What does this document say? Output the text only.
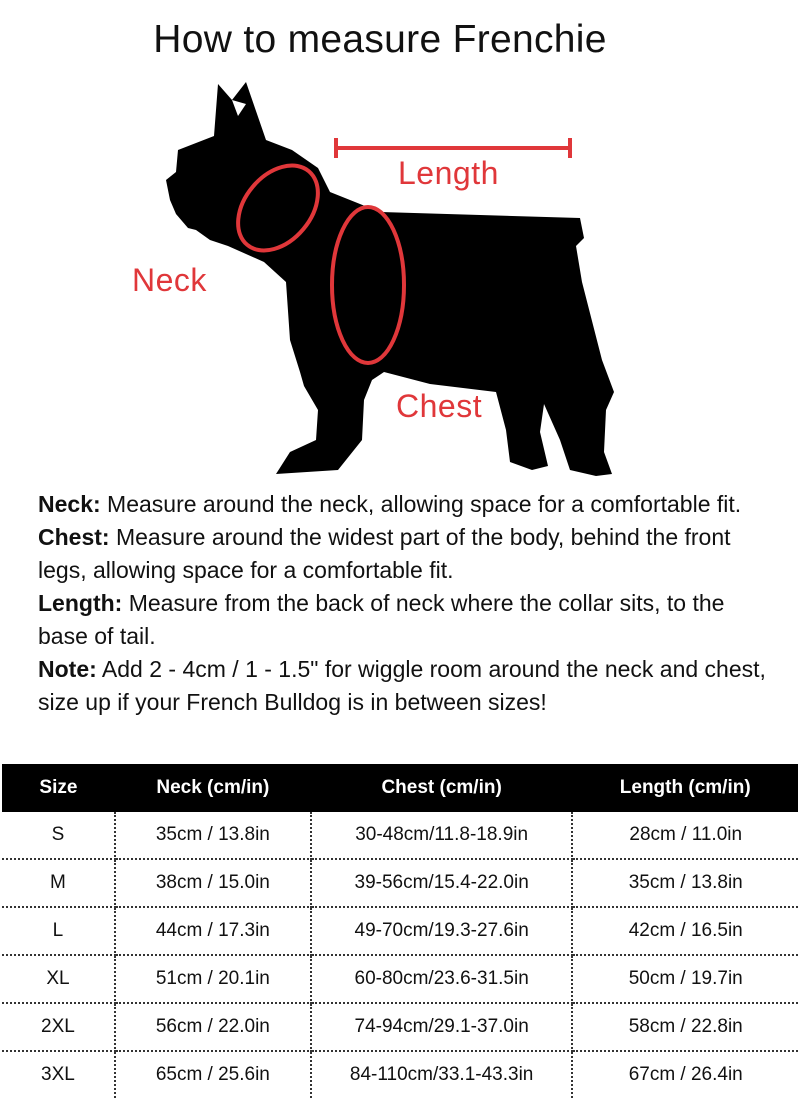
How to measure Frenchie
Length
Neck
Chest

Neck: Measure around the neck, allowing space for a comfortable fit.

Chest: Measure around the widest part of the body, behind the front legs, allowing space for a comfortable fit.

Length: Measure from the back of neck where the collar sits, to the base of tail.

Note: Add 2 - 4cm / 1 - 1.5" for wiggle room around the neck and chest, size up if your French Bulldog is in between sizes!

Size	Neck (cm/in)	Chest (cm/in)	Length (cm/in)
S	35cm / 13.8in	30-48cm/11.8-18.9in	28cm / 11.0in
M	38cm / 15.0in	39-56cm/15.4-22.0in	35cm / 13.8in
L	44cm / 17.3in	49-70cm/19.3-27.6in	42cm / 16.5in
XL	51cm / 20.1in	60-80cm/23.6-31.5in	50cm / 19.7in
2XL	56cm / 22.0in	74-94cm/29.1-37.0in	58cm / 22.8in
3XL	65cm / 25.6in	84-110cm/33.1-43.3in	67cm / 26.4in
